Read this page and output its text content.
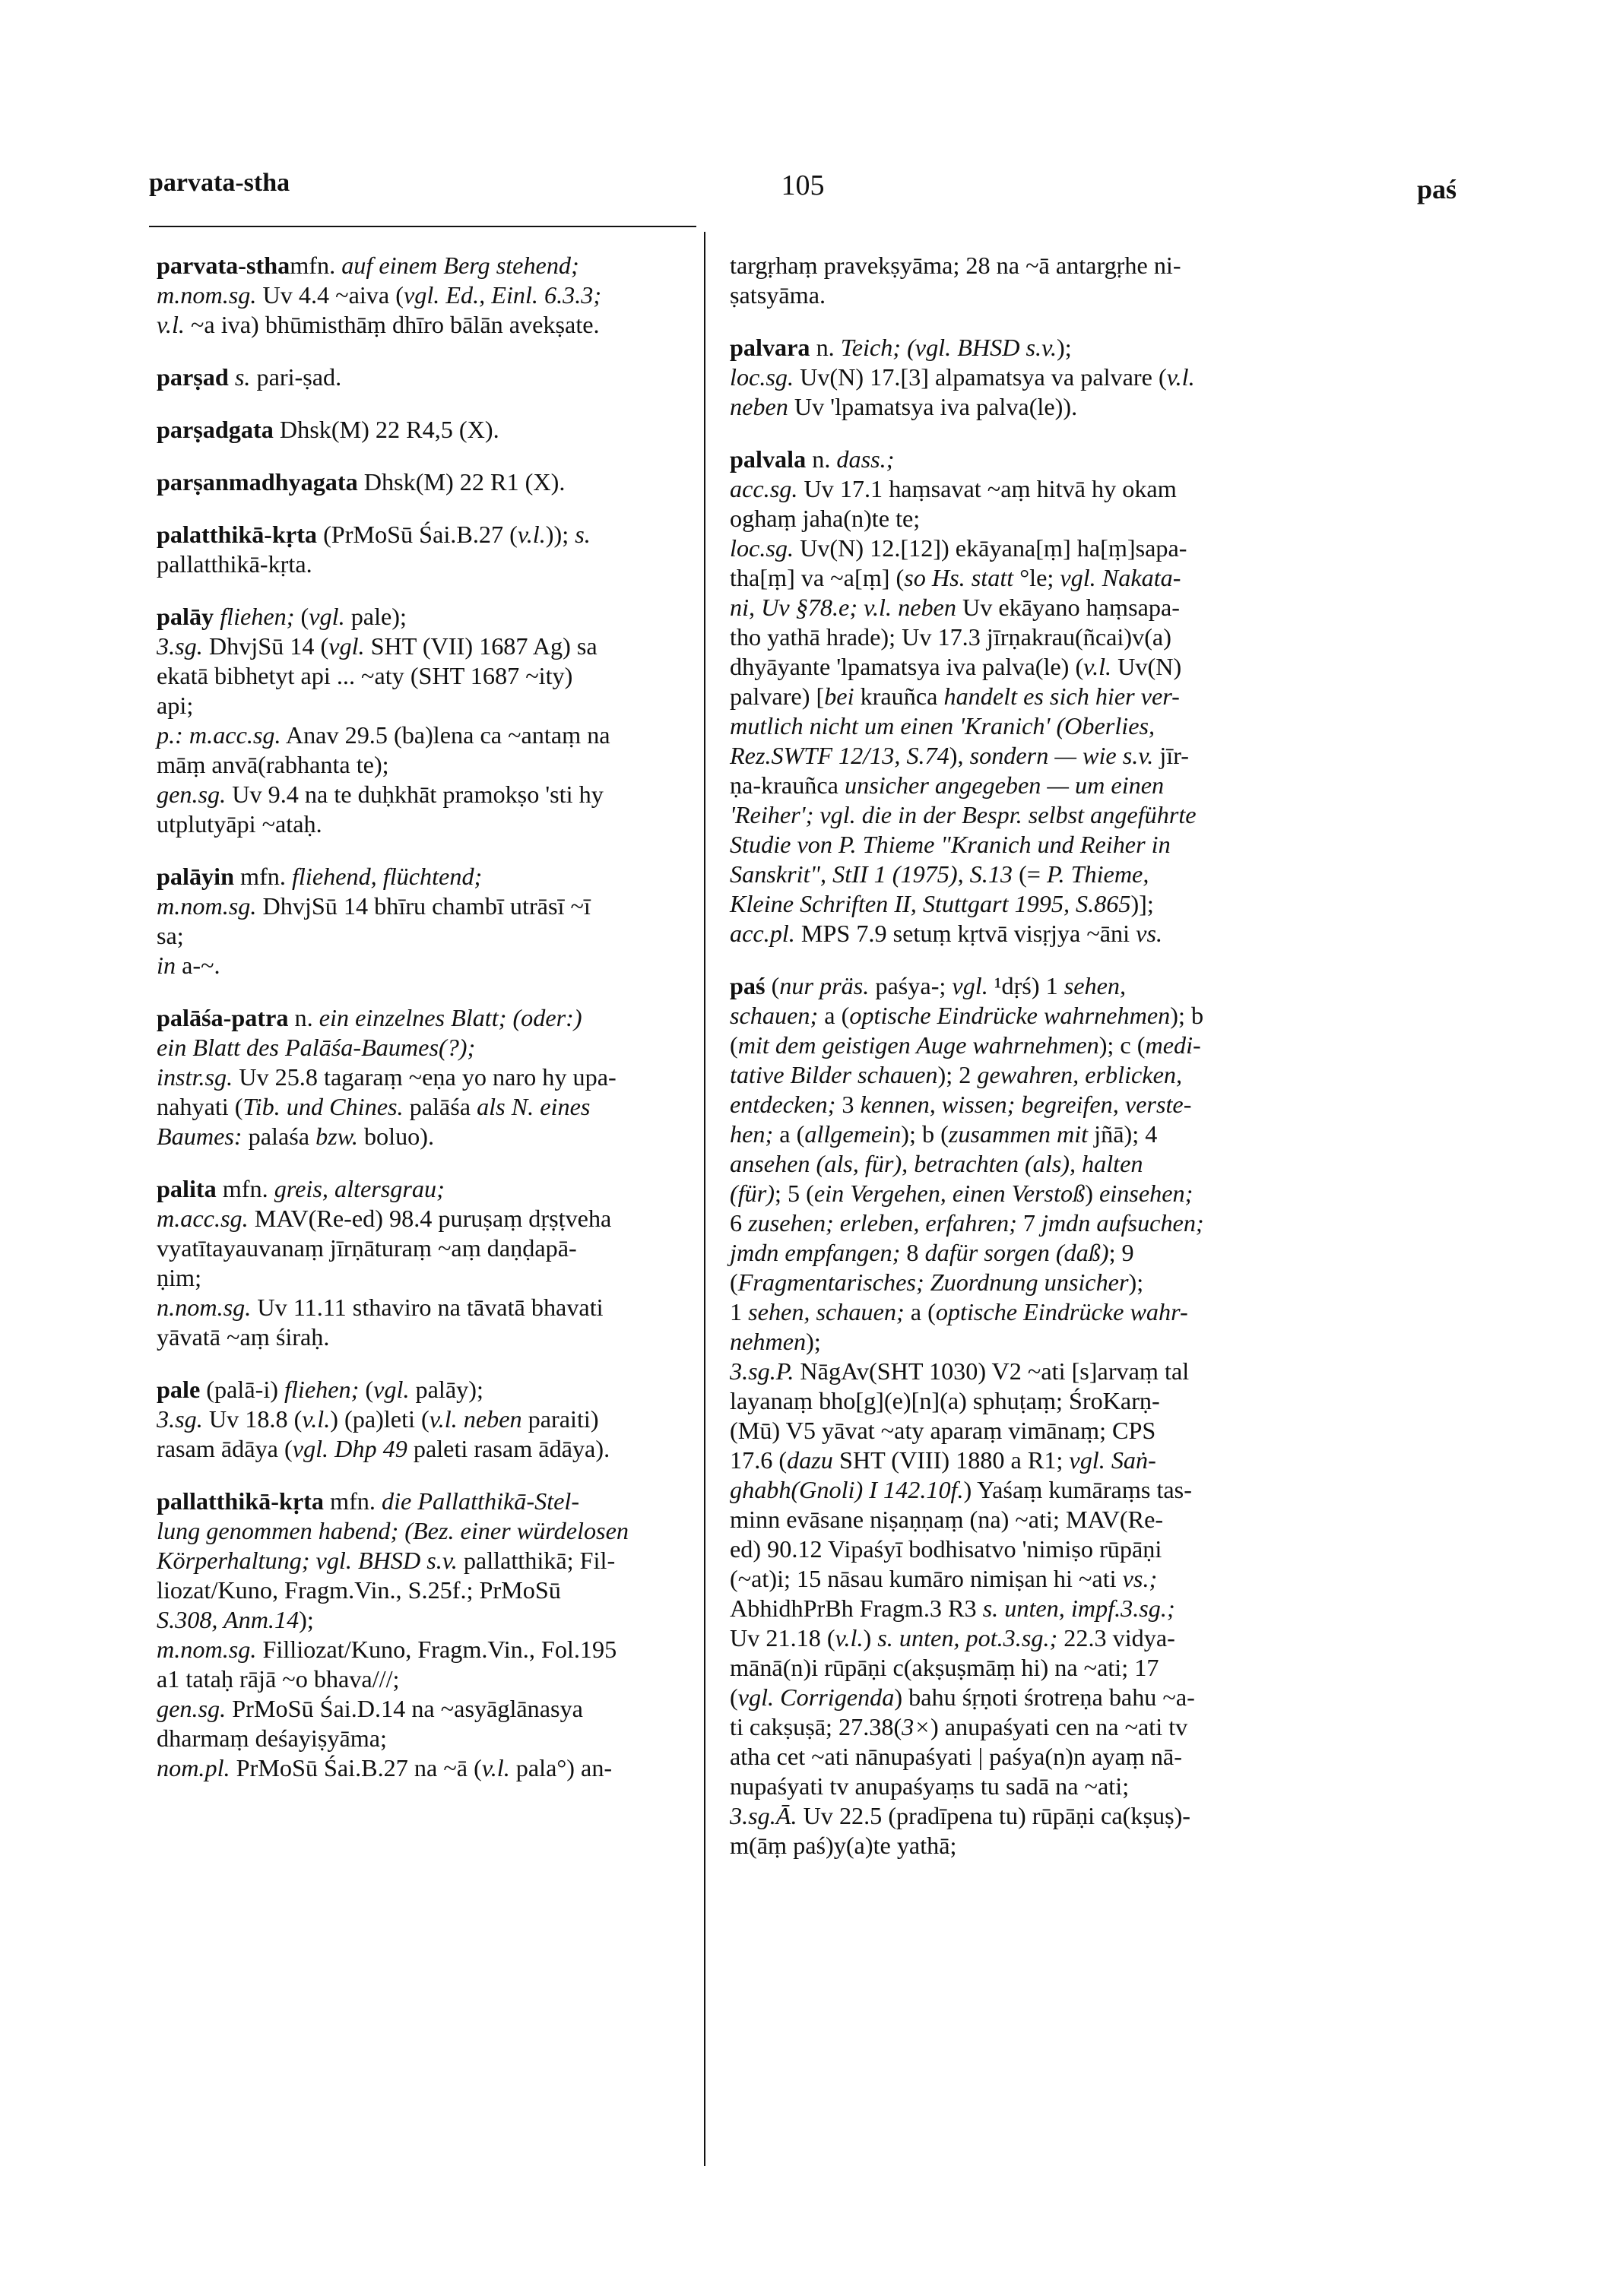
parvata-stha	105	paś
parvata-sthamfn. auf einem Berg stehend;
m.nom.sg. Uv 4.4 ~aiva (vgl. Ed., Einl. 6.3.3;
v.l. ~a iva) bhūmisthāṃ dhīro bālān avekṣate.
parṣad s. pari-ṣad.
parṣadgata Dhsk(M) 22 R4,5 (X).
parṣanmadhyagata Dhsk(M) 22 R1 (X).
palatthikā-kṛta (PrMoSū Śai.B.27 (v.l.)); s.
pallatthikā-kṛta.
palāy fliehen; (vgl. pale);
3.sg. DhvjSū 14 (vgl. SHT (VII) 1687 Ag) sa
ekatā bibhetyt api ... ~aty (SHT 1687 ~ity)
api;
p.: m.acc.sg. Anav 29.5 (ba)lena ca ~antaṃ na
māṃ anvā(rabhanta te);
gen.sg. Uv 9.4 na te duḥkhāt pramokṣo 'sti hy
utplutyāpi ~ataḥ.
palāyin mfn. fliehend, flüchtend;
m.nom.sg. DhvjSū 14 bhīru chambī utrāsī ~ī
sa;
in a-~.
palāśa-patra n. ein einzelnes Blatt; (oder:)
ein Blatt des Palāśa-Baumes(?);
instr.sg. Uv 25.8 tagaraṃ ~eṇa yo naro hy upa-
nahyati (Tib. und Chines. palāśa als N. eines
Baumes: palaśa bzw. boluo).
palita mfn. greis, altersgrau;
m.acc.sg. MAV(Re-ed) 98.4 puruṣaṃ dṛṣṭveha
vyatītayauvanaṃ jīrṇāturaṃ ~aṃ daṇḍapā-
ṇim;
n.nom.sg. Uv 11.11 sthaviro na tāvatā bhavati
yāvatā ~aṃ śiraḥ.
pale (palā-i) fliehen; (vgl. palāy);
3.sg. Uv 18.8 (v.l.) (pa)leti (v.l. neben paraiti)
rasam ādāya (vgl. Dhp 49 paleti rasam ādāya).
pallatthikā-kṛta mfn. die Pallatthikā-Stel-
lung genommen habend; (Bez. einer würdelosen
Körperhaltung; vgl. BHSD s.v. pallatthikā; Fil-
liozat/Kuno, Fragm.Vin., S.25f.; PrMoSū
S.308, Anm.14);
m.nom.sg. Filliozat/Kuno, Fragm.Vin., Fol.195
a1 tataḥ rājā ~o bhava///;
gen.sg. PrMoSū Śai.D.14 na ~asyāglānasya
dharmaṃ deśayiṣyāma;
nom.pl. PrMoSū Śai.B.27 na ~ā (v.l. pala°) an-
targṛhaṃ pravekṣyāma; 28 na ~ā antargṛhe ni-
ṣatsyāma.
palvara n. Teich; (vgl. BHSD s.v.);
loc.sg. Uv(N) 17.[3] alpamatsya va palvare (v.l.
neben Uv 'lpamatsya iva palva(le)).
palvala n. dass.;
acc.sg. Uv 17.1 haṃsavat ~aṃ hitvā hy okam
oghaṃ jaha(n)te te;
loc.sg. Uv(N) 12.[12]) ekāyana[ṃ] ha[ṃ]sapa-
tha[ṃ] va ~a[ṃ] (so Hs. statt °le; vgl. Nakata-
ni, Uv §78.e; v.l. neben Uv ekāyano haṃsapa-
tho yathā hrade); Uv 17.3 jīrṇakrau(ñcai)v(a)
dhyāyante 'lpamatsya iva palva(le) (v.l. Uv(N)
palvare) [bei krauñca handelt es sich hier ver-
mutlich nicht um einen 'Kranich' (Oberlies,
Rez.SWTF 12/13, S.74), sondern — wie s.v. jīr-
ṇa-krauñca unsicher angegeben — um einen
'Reiher'; vgl. die in der Bespr. selbst angeführte
Studie von P. Thieme "Kranich und Reiher in
Sanskrit", StII 1 (1975), S.13 (= P. Thieme,
Kleine Schriften II, Stuttgart 1995, S.865)];
acc.pl. MPS 7.9 setuṃ kṛtvā visṛjya ~āni vs.
paś (nur präs. paśya-; vgl. ¹dṛś) 1 sehen,
schauen; a (optische Eindrücke wahrnehmen); b
(mit dem geistigen Auge wahrnehmen); c (medi-
tative Bilder schauen); 2 gewahren, erblicken,
entdecken; 3 kennen, wissen; begreifen, verste-
hen; a (allgemein); b (zusammen mit jñā); 4
ansehen (als, für), betrachten (als), halten
(für); 5 (ein Vergehen, einen Verstoß) einsehen;
6 zusehen; erleben, erfahren; 7 jmdn aufsuchen;
jmdn empfangen; 8 dafür sorgen (daß); 9
(Fragmentarisches; Zuordnung unsicher);
1 sehen, schauen; a (optische Eindrücke wahr-
nehmen);
3.sg.P. NāgAv(SHT 1030) V2 ~ati [s]arvaṃ tal
layanaṃ bho[g](e)[n](a) sphuṭaṃ; ŚroKarṇ-
(Mū) V5 yāvat ~aty aparaṃ vimānaṃ; CPS
17.6 (dazu SHT (VIII) 1880 a R1; vgl. Saṅ-
ghabh(Gnoli) I 142.10f.) Yaśaṃ kumāraṃs tas-
minn evāsane niṣaṇṇaṃ (na) ~ati; MAV(Re-
ed) 90.12 Vipaśyī bodhisatvo 'nimiṣo rūpāṇi
(~at)i; 15 nāsau kumāro nimiṣan hi ~ati vs.;
AbhidhPrBh Fragm.3 R3 s. unten, impf.3.sg.;
Uv 21.18 (v.l.) s. unten, pot.3.sg.; 22.3 vidya-
mānā(n)i rūpāṇi c(akṣuṣmāṃ hi) na ~ati; 17
(vgl. Corrigenda) bahu śṛṇoti śrotreṇa bahu ~a-
ti cakṣuṣā; 27.38(3×) anupaśyati cen na ~ati tv
atha cet ~ati nānupaśyati | paśya(n)n ayaṃ nā-
nupaśyati tv anupaśyaṃs tu sadā na ~ati;
3.sg.Ā. Uv 22.5 (pradīpena tu) rūpāṇi ca(kṣuṣ)-
m(āṃ paś)y(a)te yathā;
